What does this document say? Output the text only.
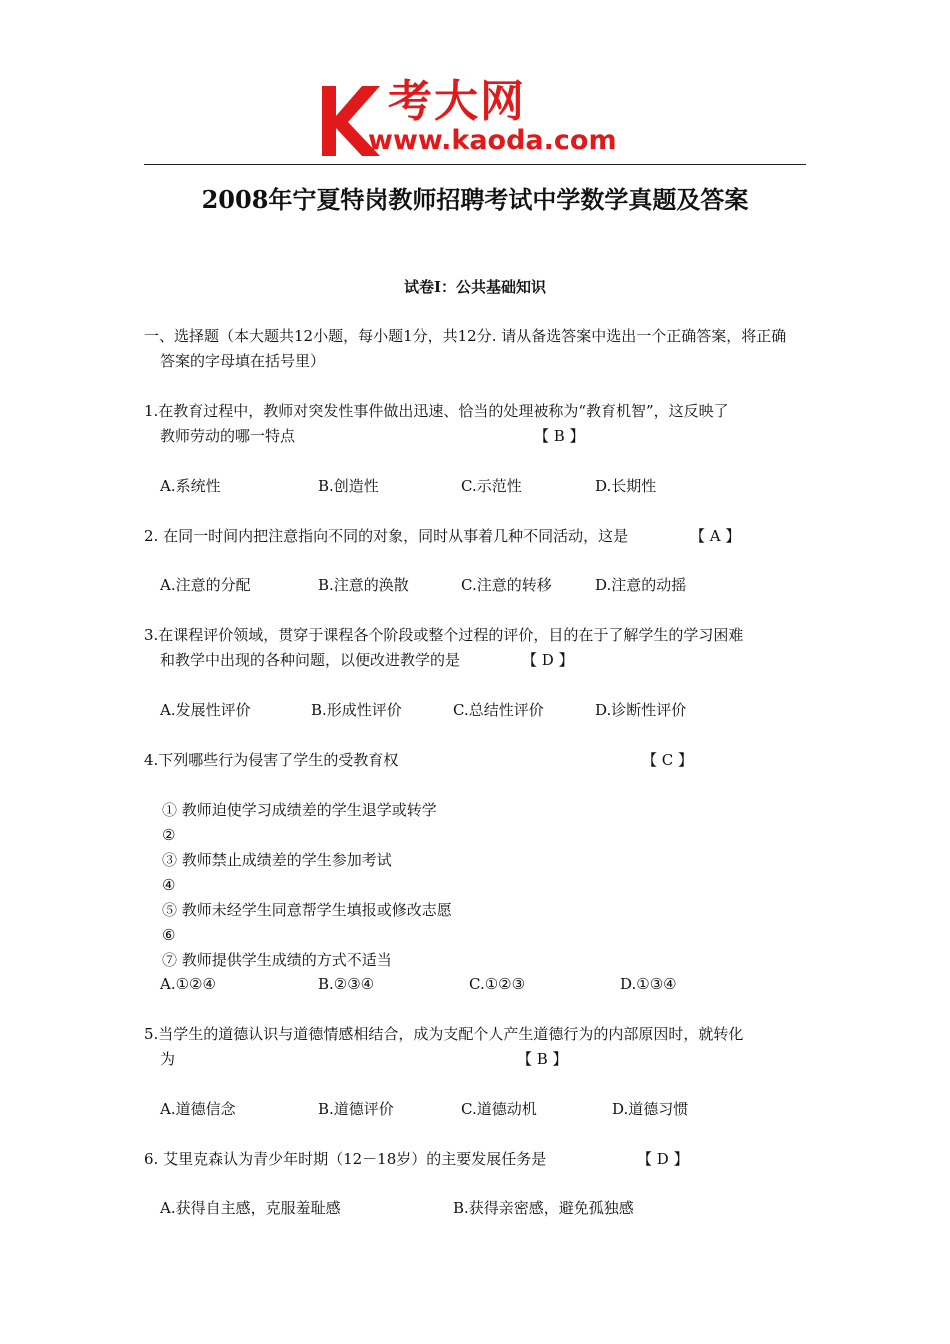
考大网
www.kaoda.com
2008年宁夏特岗教师招聘考试中学数学真题及答案
试卷Ⅰ：公共基础知识
一、选择题（本大题共12小题，每小题1分，共12分. 请从备选答案中选出一个正确答案，将正确
答案的字母填在括号里）
1.在教育过程中，教师对突发性事件做出迅速、恰当的处理被称为“教育机智”，这反映了
教师劳动的哪一特点	【 B 】
A.系统性	B.创造性	C.示范性	D.长期性
2. 在同一时间内把注意指向不同的对象，同时从事着几种不同活动，这是	【 A 】
A.注意的分配	B.注意的涣散	C.注意的转移	D.注意的动摇
3.在课程评价领域，贯穿于课程各个阶段或整个过程的评价，目的在于了解学生的学习困难
和教学中出现的各种问题，以便改进教学的是	【 D 】
A.发展性评价	B.形成性评价	C.总结性评价	D.诊断性评价
4.下列哪些行为侵害了学生的受教育权	【 C 】
① 教师迫使学习成绩差的学生退学或转学
②
③ 教师禁止成绩差的学生参加考试
④
⑤ 教师未经学生同意帮学生填报或修改志愿
⑥
⑦ 教师提供学生成绩的方式不适当
A.①②④	B.②③④	C.①②③	D.①③④
5.当学生的道德认识与道德情感相结合，成为支配个人产生道德行为的内部原因时，就转化
为	【 B 】
A.道德信念	B.道德评价	C.道德动机	D.道德习惯
6. 艾里克森认为青少年时期（12－18岁）的主要发展任务是	【 D 】
A.获得自主感，克服羞耻感	B.获得亲密感，避免孤独感
